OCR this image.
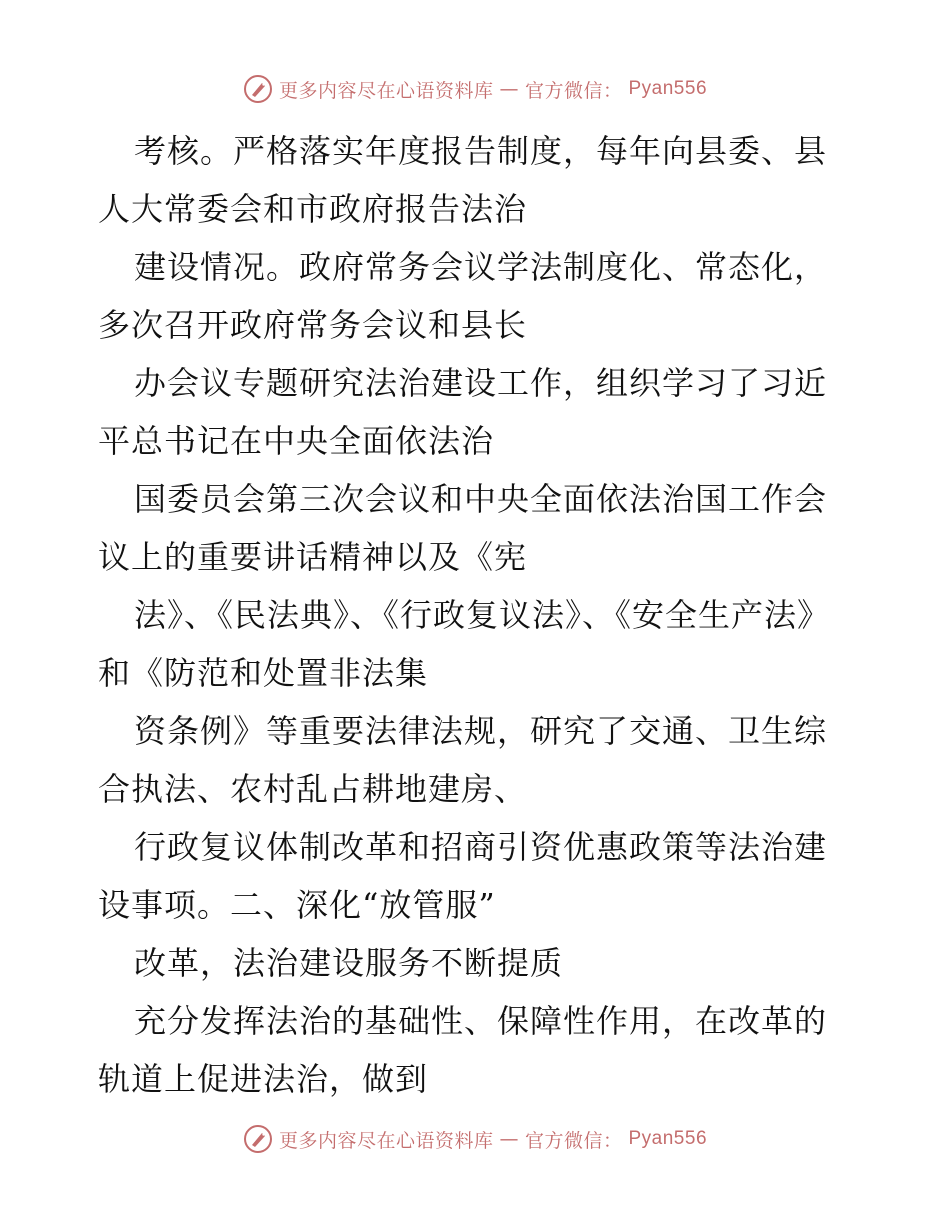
更多内容尽在心语资料库 — 官方微信： Pyan556

考核。严格落实年度报告制度，每年向县委、县人大常委会和市政府报告法治

建设情况。政府常务会议学法制度化、常态化，多次召开政府常务会议和县长

办会议专题研究法治建设工作，组织学习了习近平总书记在中央全面依法治

国委员会第三次会议和中央全面依法治国工作会议上的重要讲话精神以及《宪

法》、《民法典》、《行政复议法》、《安全生产法》和《防范和处置非法集

资条例》等重要法律法规，研究了交通、卫生综合执法、农村乱占耕地建房、

行政复议体制改革和招商引资优惠政策等法治建设事项。二、深化“放管服”

改革，法治建设服务不断提质

充分发挥法治的基础性、保障性作用，在改革的轨道上促进法治，做到

更多内容尽在心语资料库 — 官方微信： Pyan556
